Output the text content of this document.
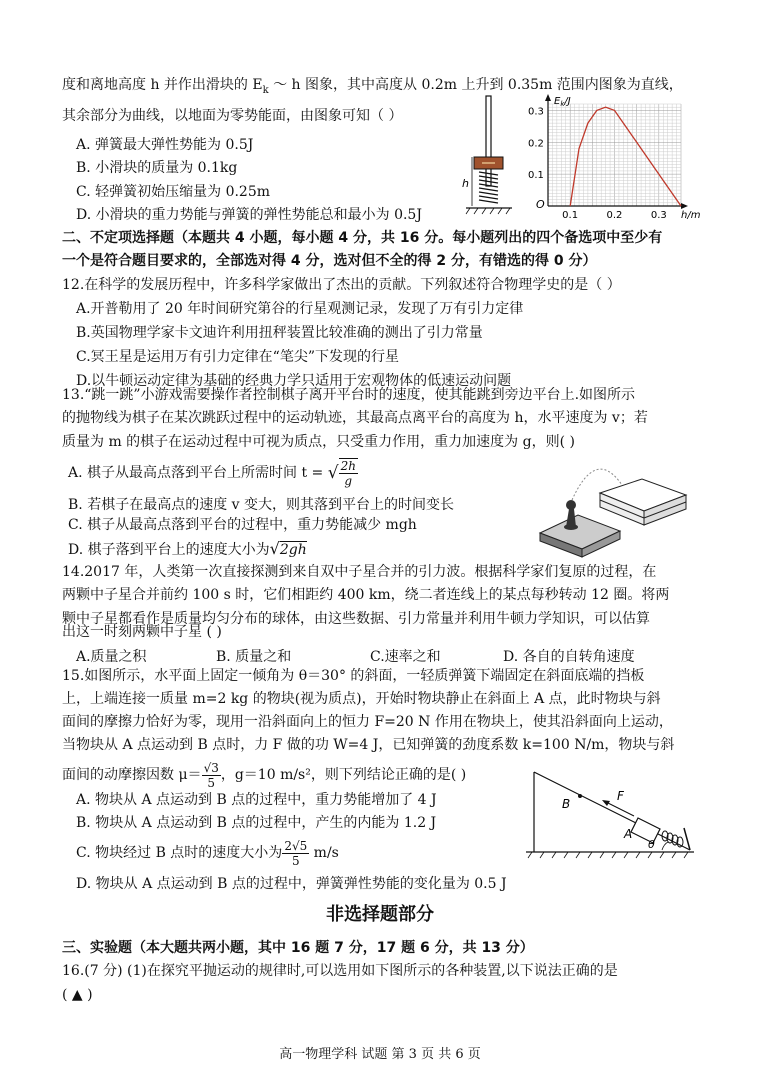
度和离地高度 h 并作出滑块的 $E_k$ ～ h 图象，其中高度从 0.2m 上升到 0.35m 范围内图象为直线，
其余部分为曲线，以地面为零势能面，由图象可知（ ）
A. 弹簧最大弹性势能为 0.5J
B. 小滑块的质量为 0.1kg
C. 轻弹簧初始压缩量为 0.25m
D. 小滑块的重力势能与弹簧的弹性势能总和最小为 0.5J
h
$E_k/J$
h/m
O
0.1
0.2
0.3
0.1	0.2	0.3
二、不定项选择题（本题共 4 小题，每小题 4 分，共 16 分。每小题列出的四个备选项中至少有
一个是符合题目要求的，全部选对得 4 分，选对但不全的得 2 分，有错选的得 0 分）
12.在科学的发展历程中，许多科学家做出了杰出的贡献。下列叙述符合物理学史的是（ ）
A.开普勒用了 20 年时间研究第谷的行星观测记录，发现了万有引力定律
B.英国物理学家卡文迪许利用扭秤装置比较准确的测出了引力常量
C.冥王星是运用万有引力定律在“笔尖”下发现的行星
D.以牛顿运动定律为基础的经典力学只适用于宏观物体的低速运动问题
13.“跳一跳”小游戏需要操作者控制棋子离开平台时的速度，使其能跳到旁边平台上.如图所示
的抛物线为棋子在某次跳跃过程中的运动轨迹，其最高点离平台的高度为 h，水平速度为 v；若
质量为 m 的棋子在运动过程中可视为质点，只受重力作用，重力加速度为 g，则( )
A. 棋子从最高点落到平台上所需时间 t = √ $\frac{2h}{g}$
B. 若棋子在最高点的速度 v 变大，则其落到平台上的时间变长
C. 棋子从最高点落到平台的过程中，重力势能减少 mgh
D. 棋子落到平台上的速度大小为√2gh
14.2017 年，人类第一次直接探测到来自双中子星合并的引力波。根据科学家们复原的过程，在
两颗中子星合并前约 100 s 时，它们相距约 400 km，绕二者连线上的某点每秒转动 12 圈。将两
颗中子星都看作是质量均匀分布的球体，由这些数据、引力常量并利用牛顿力学知识，可以估算
出这一时刻两颗中子星 ( )
A.质量之积	B. 质量之和	C.速率之和	D. 各自的自转角速度
15.如图所示，水平面上固定一倾角为 θ＝30° 的斜面，一轻质弹簧下端固定在斜面底端的挡板
上，上端连接一质量 m=2 kg 的物块(视为质点)，开始时物块静止在斜面上 A 点，此时物块与斜
面间的摩擦力恰好为零，现用一沿斜面向上的恒力 F=20 N 作用在物块上，使其沿斜面向上运动，
当物块从 A 点运动到 B 点时，力 F 做的功 W=4 J，已知弹簧的劲度系数 k=100 N/m，物块与斜
面间的动摩擦因数 $\mu= \frac{√3}{5}$ ，g＝10 m/s²，则下列结论正确的是( )
A. 物块从 A 点运动到 B 点的过程中，重力势能增加了 4 J
B. 物块从 A 点运动到 B 点的过程中，产生的内能为 1.2 J
C. 物块经过 B 点时的速度大小为 $\frac{2√5}{5} m/s$
D. 物块从 A 点运动到 B 点的过程中，弹簧弹性势能的变化量为 0.5 J
F
B
A
θ
非选择题部分
三、实验题（本大题共两小题，其中 16 题 7 分，17 题 6 分，共 13 分）
16.(7 分) (1)在探究平抛运动的规律时,可以选用如下图所示的各种装置,以下说法正确的是
( ▲ )
高一物理学科 试题 第 3 页 共 6 页
